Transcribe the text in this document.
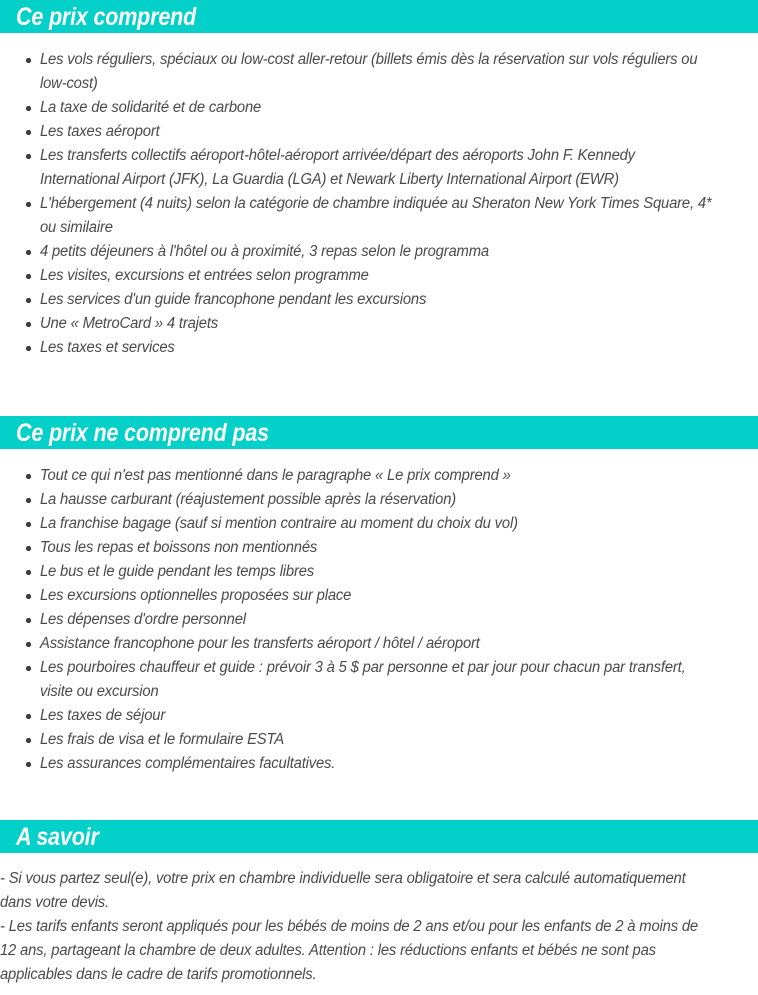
Ce prix comprend
Les vols réguliers, spéciaux ou low-cost aller-retour (billets émis dès la réservation sur vols réguliers ou low-cost)
La taxe de solidarité et de carbone
Les taxes aéroport
Les transferts collectifs aéroport-hôtel-aéroport arrivée/départ des aéroports John F. Kennedy International Airport (JFK), La Guardia (LGA) et Newark Liberty International Airport (EWR)
L'hébergement (4 nuits) selon la catégorie de chambre indiquée au Sheraton New York Times Square, 4* ou similaire
4 petits déjeuners à l'hôtel ou à proximité, 3 repas selon le programma
Les visites, excursions et entrées selon programme
Les services d'un guide francophone pendant les excursions
Une « MetroCard » 4 trajets
Les taxes et services
Ce prix ne comprend pas
Tout ce qui n'est pas mentionné dans le paragraphe « Le prix comprend »
La hausse carburant (réajustement possible après la réservation)
La franchise bagage (sauf si mention contraire au moment du choix du vol)
Tous les repas et boissons non mentionnés
Le bus et le guide pendant les temps libres
Les excursions optionnelles proposées sur place
Les dépenses d'ordre personnel
Assistance francophone pour les transferts aéroport / hôtel / aéroport
Les pourboires chauffeur et guide : prévoir 3 à 5 $ par personne et par jour pour chacun par transfert, visite ou excursion
Les taxes de séjour
Les frais de visa et le formulaire ESTA
Les assurances complémentaires facultatives.
A savoir

- Si vous partez seul(e), votre prix en chambre individuelle sera obligatoire et sera calculé automatiquement dans votre devis.

- Les tarifs enfants seront appliqués pour les bébés de moins de 2 ans et/ou pour les enfants de 2 à moins de 12 ans, partageant la chambre de deux adultes. Attention : les réductions enfants et bébés ne sont pas applicables dans le cadre de tarifs promotionnels.
